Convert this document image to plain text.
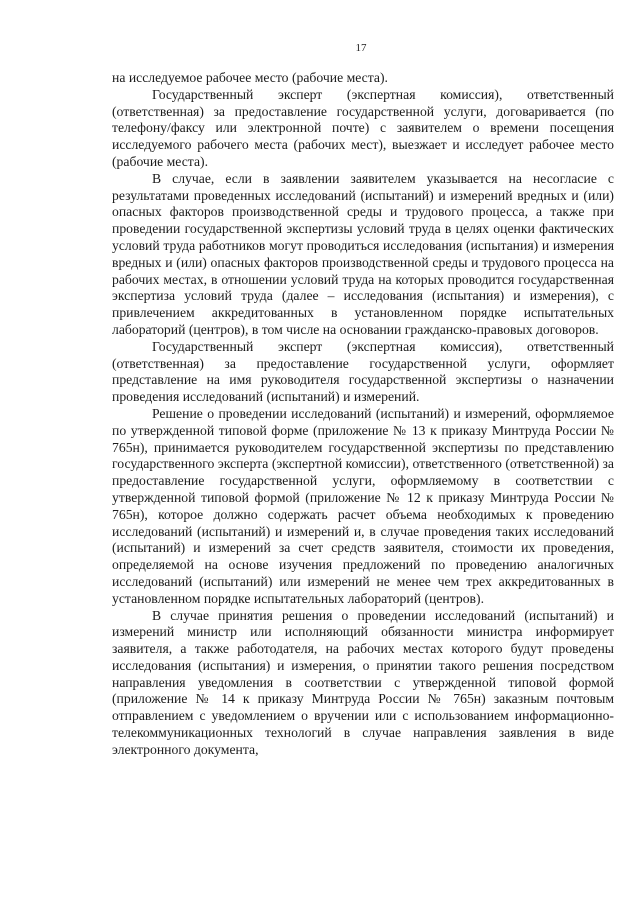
17

на исследуемое рабочее место (рабочие места).

Государственный эксперт (экспертная комиссия), ответственный (ответственная) за предоставление государственной услуги, договаривается (по телефону/факсу или электронной почте) с заявителем о времени посещения исследуемого рабочего места (рабочих мест), выезжает и исследует рабочее место (рабочие места).

В случае, если в заявлении заявителем указывается на несогласие с результатами проведенных исследований (испытаний) и измерений вредных и (или) опасных факторов производственной среды и трудового процесса, а также при проведении государственной экспертизы условий труда в целях оценки фактических условий труда работников могут проводиться исследования (испытания) и измерения вредных и (или) опасных факторов производственной среды и трудового процесса на рабочих местах, в отношении условий труда на которых проводится государственная экспертиза условий труда (далее – исследования (испытания) и измерения), с привлечением аккредитованных в установленном порядке испытательных лабораторий (центров), в том числе на основании гражданско-правовых договоров.

Государственный эксперт (экспертная комиссия), ответственный (ответственная) за предоставление государственной услуги, оформляет представление на имя руководителя государственной экспертизы о назначении проведения исследований (испытаний) и измерений.

Решение о проведении исследований (испытаний) и измерений, оформляемое по утвержденной типовой форме (приложение № 13 к приказу Минтруда России № 765н), принимается руководителем государственной экспертизы по представлению государственного эксперта (экспертной комиссии), ответственного (ответственной) за предоставление государственной услуги, оформляемому в соответствии с утвержденной типовой формой (приложение № 12 к приказу Минтруда России № 765н), которое должно содержать расчет объема необходимых к проведению исследований (испытаний) и измерений и, в случае проведения таких исследований (испытаний) и измерений за счет средств заявителя, стоимости их проведения, определяемой на основе изучения предложений по проведению аналогичных исследований (испытаний) или измерений не менее чем трех аккредитованных в установленном порядке испытательных лабораторий (центров).

В случае принятия решения о проведении исследований (испытаний) и измерений министр или исполняющий обязанности министра информирует заявителя, а также работодателя, на рабочих местах которого будут проведены исследования (испытания) и измерения, о принятии такого решения посредством направления уведомления в соответствии с утвержденной типовой формой (приложение № 14 к приказу Минтруда России № 765н) заказным почтовым отправлением с уведомлением о вручении или с использованием информационно-телекоммуникационных технологий в случае направления заявления в виде электронного документа,
